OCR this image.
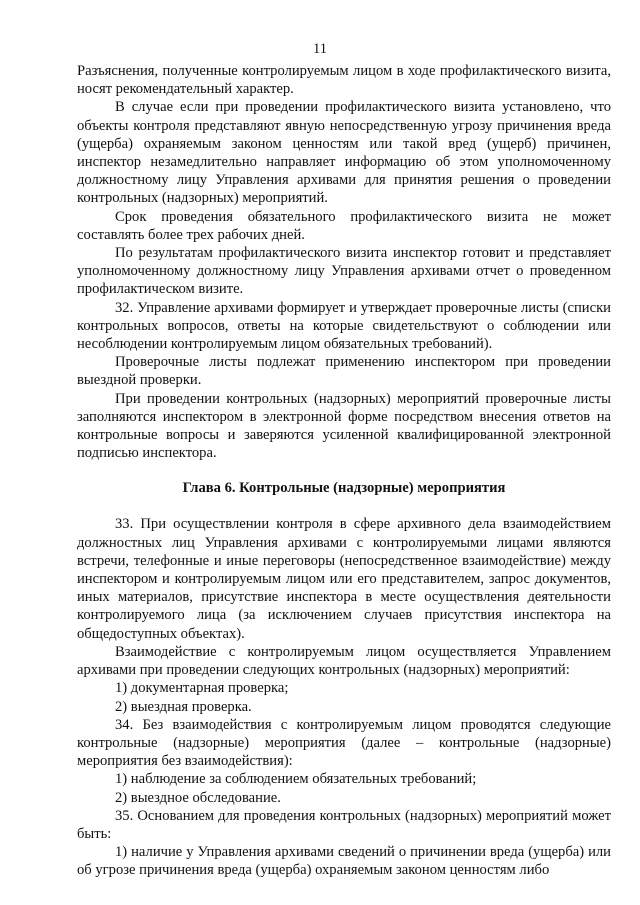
11

Разъяснения, полученные контролируемым лицом в ходе профилактического визита, носят рекомендательный характер.

В случае если при проведении профилактического визита установлено, что объекты контроля представляют явную непосредственную угрозу причинения вреда (ущерба) охраняемым законом ценностям или такой вред (ущерб) причинен, инспектор незамедлительно направляет информацию об этом уполномоченному должностному лицу Управления архивами для принятия решения о проведении контрольных (надзорных) мероприятий.

Срок проведения обязательного профилактического визита не может составлять более трех рабочих дней.

По результатам профилактического визита инспектор готовит и представляет уполномоченному должностному лицу Управления архивами отчет о проведенном профилактическом визите.

32. Управление архивами формирует и утверждает проверочные листы (списки контрольных вопросов, ответы на которые свидетельствуют о соблюдении или несоблюдении контролируемым лицом обязательных требований).

Проверочные листы подлежат применению инспектором при проведении выездной проверки.

При проведении контрольных (надзорных) мероприятий проверочные листы заполняются инспектором в электронной форме посредством внесения ответов на контрольные вопросы и заверяются усиленной квалифицированной электронной подписью инспектора.

Глава 6. Контрольные (надзорные) мероприятия

33. При осуществлении контроля в сфере архивного дела взаимодействием должностных лиц Управления архивами с контролируемыми лицами являются встречи, телефонные и иные переговоры (непосредственное взаимодействие) между инспектором и контролируемым лицом или его представителем, запрос документов, иных материалов, присутствие инспектора в месте осуществления деятельности контролируемого лица (за исключением случаев присутствия инспектора на общедоступных объектах).

Взаимодействие с контролируемым лицом осуществляется Управлением архивами при проведении следующих контрольных (надзорных) мероприятий:

1) документарная проверка;

2) выездная проверка.

34. Без взаимодействия с контролируемым лицом проводятся следующие контрольные (надзорные) мероприятия (далее – контрольные (надзорные) мероприятия без взаимодействия):

1) наблюдение за соблюдением обязательных требований;

2) выездное обследование.

35. Основанием для проведения контрольных (надзорных) мероприятий может быть:

1) наличие у Управления архивами сведений о причинении вреда (ущерба) или об угрозе причинения вреда (ущерба) охраняемым законом ценностям либо
